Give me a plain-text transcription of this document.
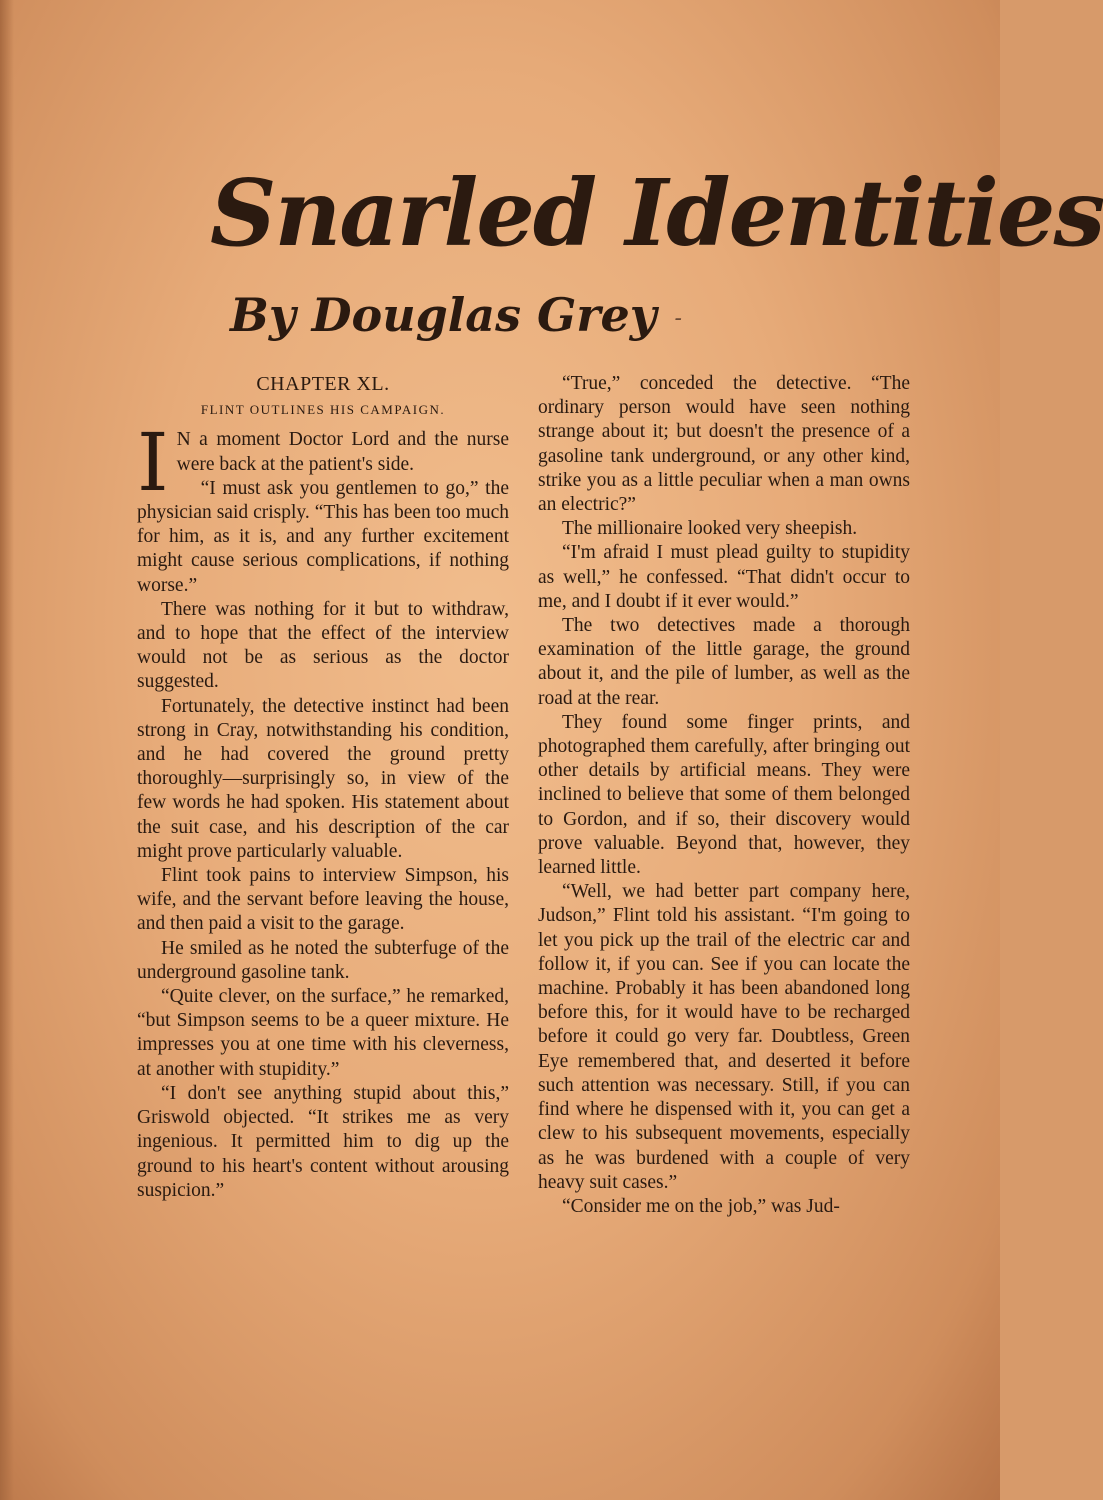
Snarled Identities
By Douglas Grey -
CHAPTER XL.
FLINT OUTLINES HIS CAMPAIGN.

I N a moment Doctor Lord and the nurse were back at the patient's side.

“I must ask you gentlemen to go,” the physician said crisply. “This has been too much for him, as it is, and any further excitement might cause serious complications, if nothing worse.”

There was nothing for it but to withdraw, and to hope that the effect of the interview would not be as serious as the doctor suggested.

Fortunately, the detective instinct had been strong in Cray, notwithstanding his condition, and he had covered the ground pretty thoroughly—surprisingly so, in view of the few words he had spoken. His statement about the suit case, and his description of the car might prove particularly valuable.

Flint took pains to interview Simpson, his wife, and the servant before leaving the house, and then paid a visit to the garage.

He smiled as he noted the subterfuge of the underground gasoline tank.

“Quite clever, on the surface,” he remarked, “but Simpson seems to be a queer mixture. He impresses you at one time with his cleverness, at another with stupidity.”

“I don't see anything stupid about this,” Griswold objected. “It strikes me as very ingenious. It permitted him to dig up the ground to his heart's content without arousing suspicion.”

“True,” conceded the detective. “The ordinary person would have seen nothing strange about it; but doesn't the presence of a gasoline tank underground, or any other kind, strike you as a little peculiar when a man owns an electric?”

The millionaire looked very sheepish.

“I'm afraid I must plead guilty to stupidity as well,” he confessed. “That didn't occur to me, and I doubt if it ever would.”

The two detectives made a thorough examination of the little garage, the ground about it, and the pile of lumber, as well as the road at the rear.

They found some finger prints, and photographed them carefully, after bringing out other details by artificial means. They were inclined to believe that some of them belonged to Gordon, and if so, their discovery would prove valuable. Beyond that, however, they learned little.

“Well, we had better part company here, Judson,” Flint told his assistant. “I'm going to let you pick up the trail of the electric car and follow it, if you can. See if you can locate the machine. Probably it has been abandoned long before this, for it would have to be recharged before it could go very far. Doubtless, Green Eye remembered that, and deserted it before such attention was necessary. Still, if you can find where he dispensed with it, you can get a clew to his subsequent movements, especially as he was burdened with a couple of very heavy suit cases.”

“Consider me on the job,” was Jud-
